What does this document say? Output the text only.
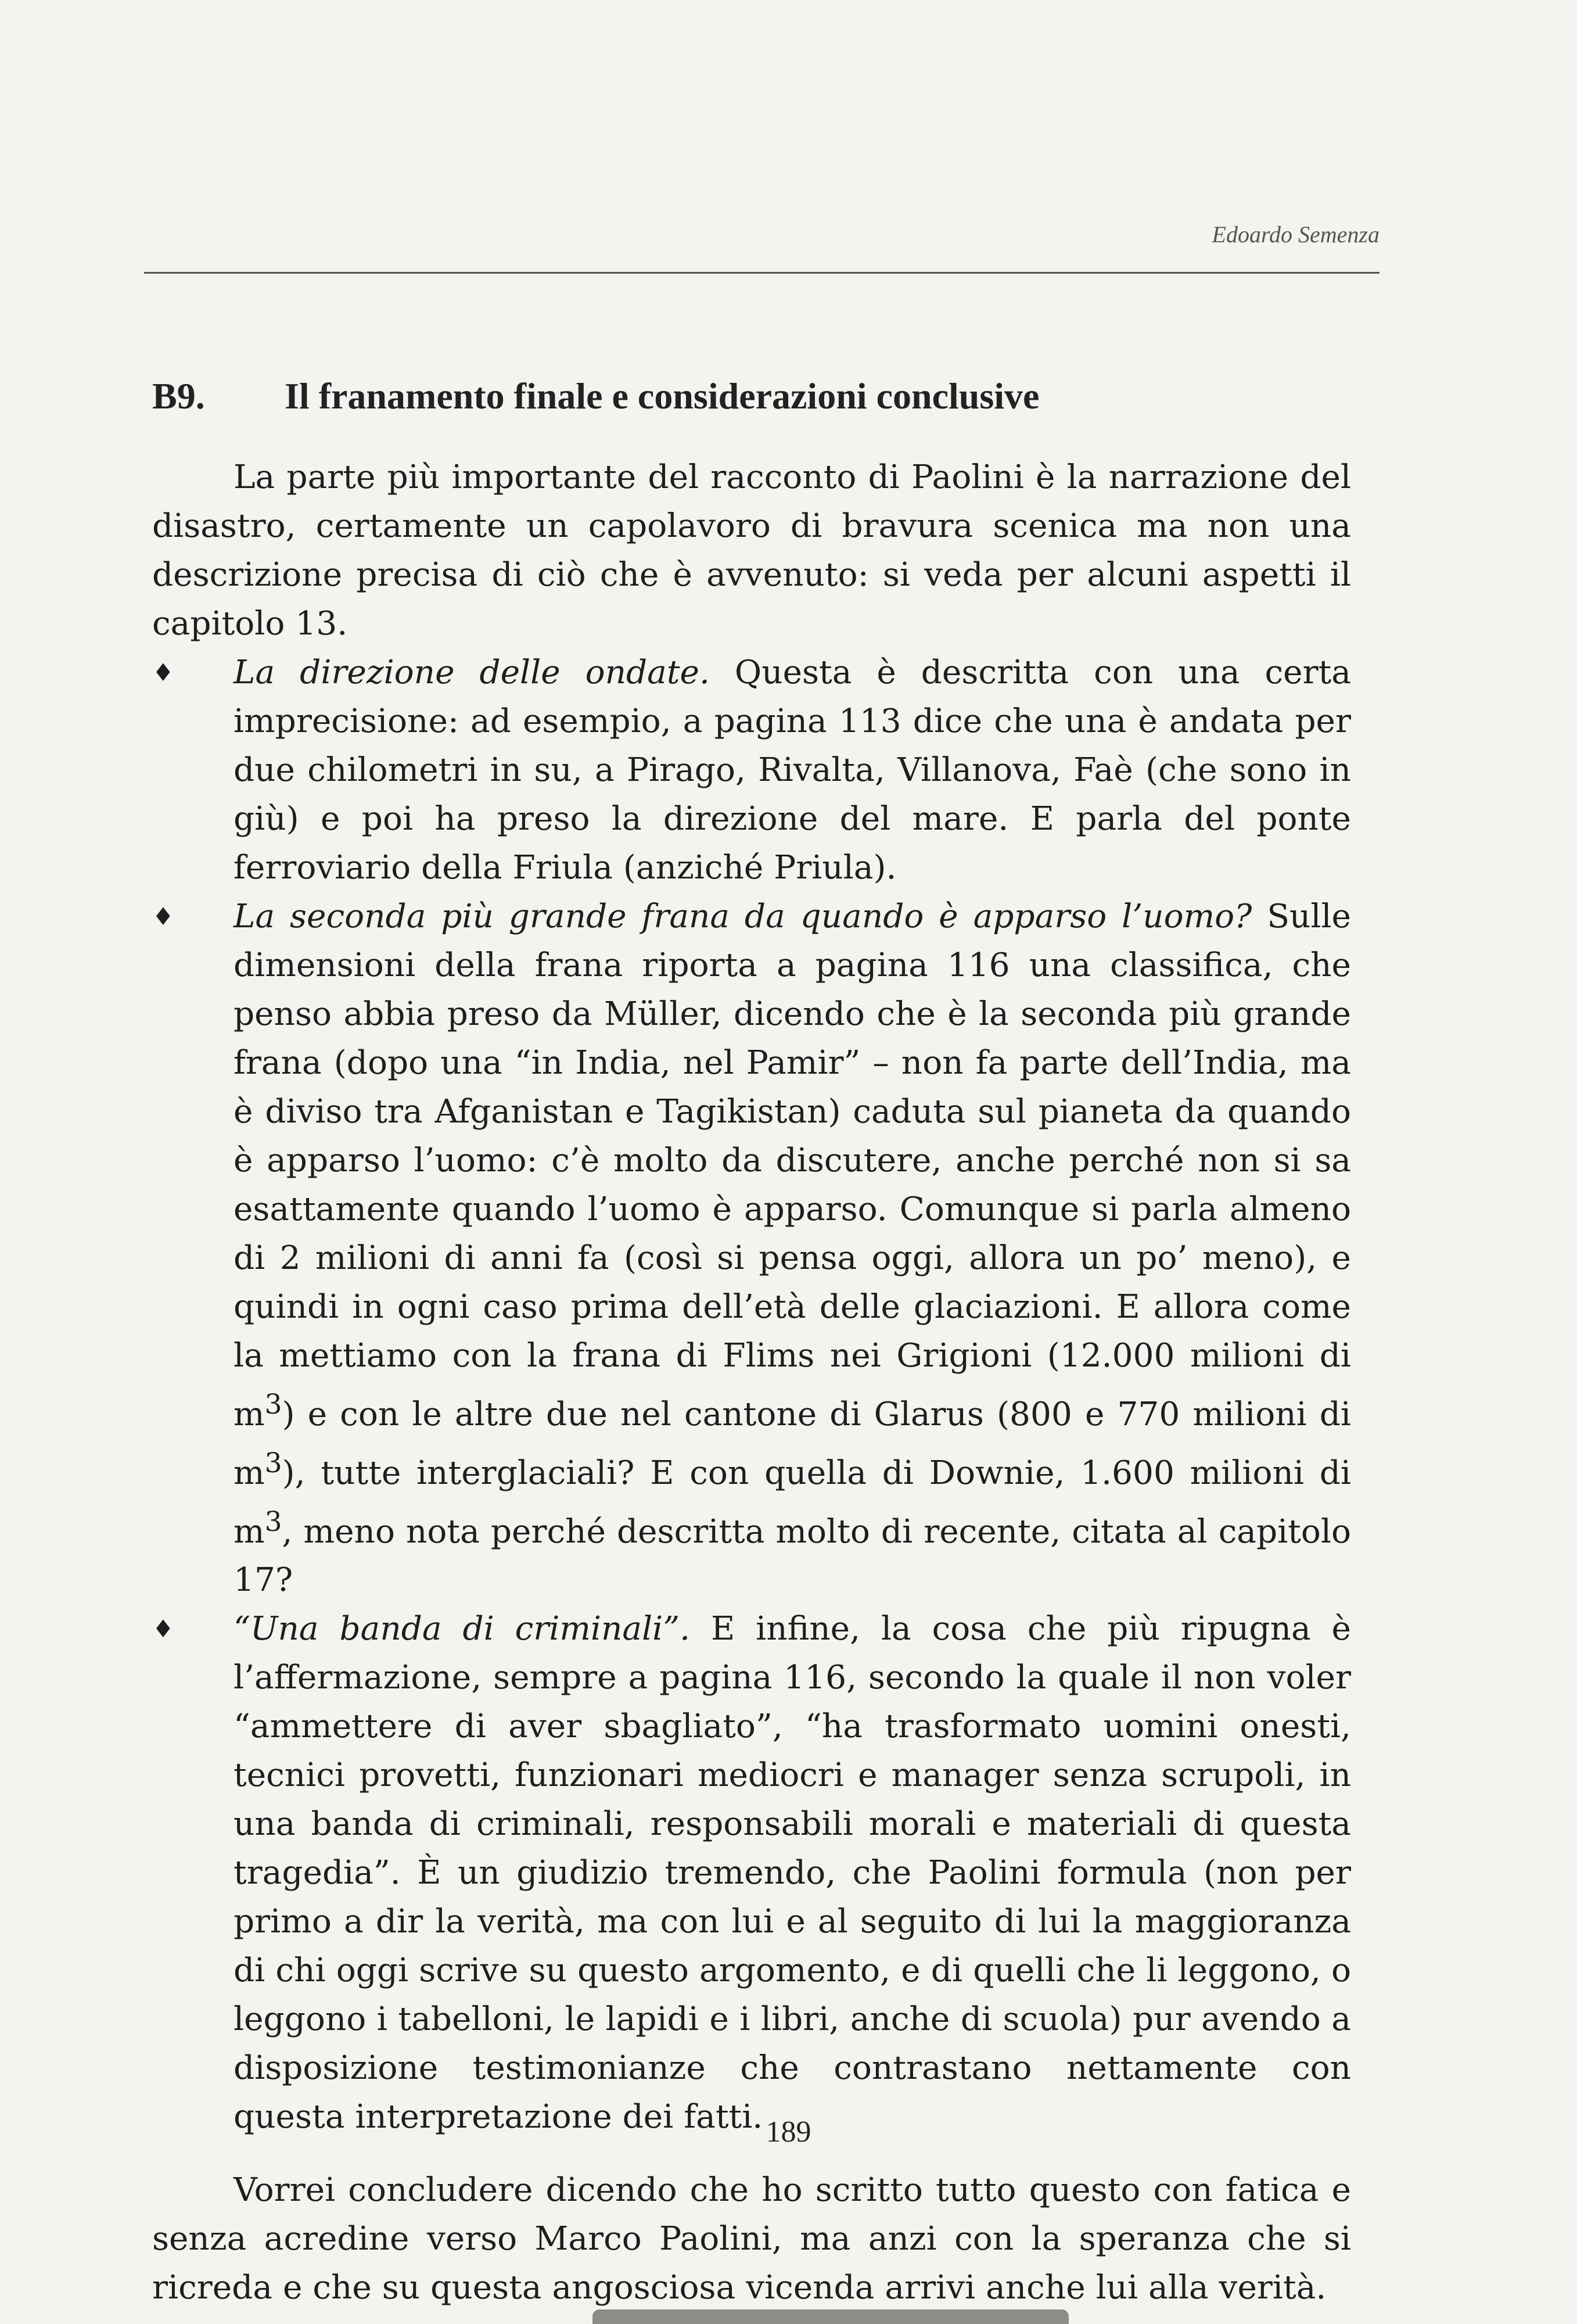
Edoardo Semenza
B9. Il franamento finale e considerazioni conclusive

La parte più importante del racconto di Paolini è la narrazione del disastro, certamente un capolavoro di bravura scenica ma non una descrizione precisa di ciò che è avvenuto: si veda per alcuni aspetti il capitolo 13.

♦	La direzione delle ondate. Questa è descritta con una certa imprecisione: ad esempio, a pagina 113 dice che una è andata per due chilometri in su, a Pirago, Rivalta, Villanova, Faè (che sono in giù) e poi ha preso la direzione del mare. E parla del ponte ferroviario della Friula (anziché Priula).

♦	La seconda più grande frana da quando è apparso l’uomo? Sulle dimensioni della frana riporta a pagina 116 una classifica, che penso abbia preso da Müller, dicendo che è la seconda più grande frana (dopo una “in India, nel Pamir” – non fa parte dell’India, ma è diviso tra Afganistan e Tagikistan) caduta sul pianeta da quando è apparso l’uomo: c’è molto da discutere, anche perché non si sa esattamente quando l’uomo è apparso. Comunque si parla almeno di 2 milioni di anni fa (così si pensa oggi, allora un po’ meno), e quindi in ogni caso prima dell’età delle glaciazioni. E allora come la mettiamo con la frana di Flims nei Grigioni (12.000 milioni di $m^3$) e con le altre due nel cantone di Glarus (800 e 770 milioni di $m^3$), tutte interglaciali? E con quella di Downie, 1.600 milioni di $m^3$, meno nota perché descritta molto di recente, citata al capitolo 17?

♦	“Una banda di criminali”. E infine, la cosa che più ripugna è l’affermazione, sempre a pagina 116, secondo la quale il non voler “ammettere di aver sbagliato”, “ha trasformato uomini onesti, tecnici provetti, funzionari mediocri e manager senza scrupoli, in una banda di criminali, responsabili morali e materiali di questa tragedia”. È un giudizio tremendo, che Paolini formula (non per primo a dir la verità, ma con lui e al seguito di lui la maggioranza di chi oggi scrive su questo argomento, e di quelli che li leggono, o leggono i tabelloni, le lapidi e i libri, anche di scuola) pur avendo a disposizione testimonianze che contrastano nettamente con questa interpretazione dei fatti.

Vorrei concludere dicendo che ho scritto tutto questo con fatica e senza acredine verso Marco Paolini, ma anzi con la speranza che si ricreda e che su questa angosciosa vicenda arrivi anche lui alla verità.

189
